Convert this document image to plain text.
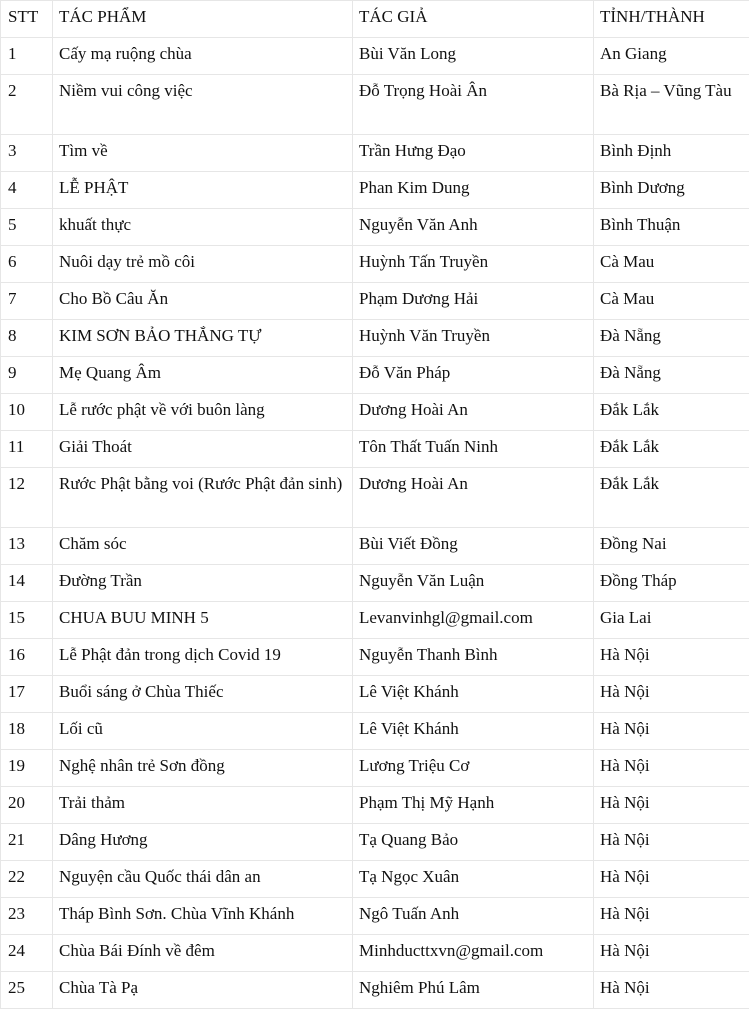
STT	TÁC PHẨM	TÁC GIẢ	TỈNH/THÀNH
1	Cấy mạ ruộng chùa	Bùi Văn Long	An Giang
2	Niềm vui công việc	Đỗ Trọng Hoài Ân	Bà Rịa – Vũng Tàu
3	Tìm về	Trần Hưng Đạo	Bình Định
4	LỄ PHẬT	Phan Kim Dung	Bình Dương
5	khuất thực	Nguyễn Văn Anh	Bình Thuận
6	Nuôi dạy trẻ mồ côi	Huỳnh Tấn Truyền	Cà Mau
7	Cho Bồ Câu Ăn	Phạm Dương Hải	Cà Mau
8	KIM SƠN BẢO THẮNG TỰ	Huỳnh Văn Truyền	Đà Nẵng
9	Mẹ Quang Âm	Đỗ Văn Pháp	Đà Nẵng
10	Lễ rước phật về với buôn làng	Dương Hoài An	Đắk Lắk
11	Giải Thoát	Tôn Thất Tuấn Ninh	Đắk Lắk
12	Rước Phật bằng voi (Rước Phật đản sinh)	Dương Hoài An	Đắk Lắk
13	Chăm sóc	Bùi Viết Đồng	Đồng Nai
14	Đường Trần	Nguyễn Văn Luận	Đồng Tháp
15	CHUA BUU MINH 5	Levanvinhgl@gmail.com	Gia Lai
16	Lễ Phật đản trong dịch Covid 19	Nguyễn Thanh Bình	Hà Nội
17	Buổi sáng ở Chùa Thiếc	Lê Việt Khánh	Hà Nội
18	Lối cũ	Lê Việt Khánh	Hà Nội
19	Nghệ nhân trẻ Sơn đồng	Lương Triệu Cơ	Hà Nội
20	Trải thảm	Phạm Thị Mỹ Hạnh	Hà Nội
21	Dâng Hương	Tạ Quang Bảo	Hà Nội
22	Nguyện cầu Quốc thái dân an	Tạ Ngọc Xuân	Hà Nội
23	Tháp Bình Sơn. Chùa Vĩnh Khánh	Ngô Tuấn Anh	Hà Nội
24	Chùa Bái Đính về đêm	Minhducttxvn@gmail.com	Hà Nội
25	Chùa Tà Pạ	Nghiêm Phú Lâm	Hà Nội
